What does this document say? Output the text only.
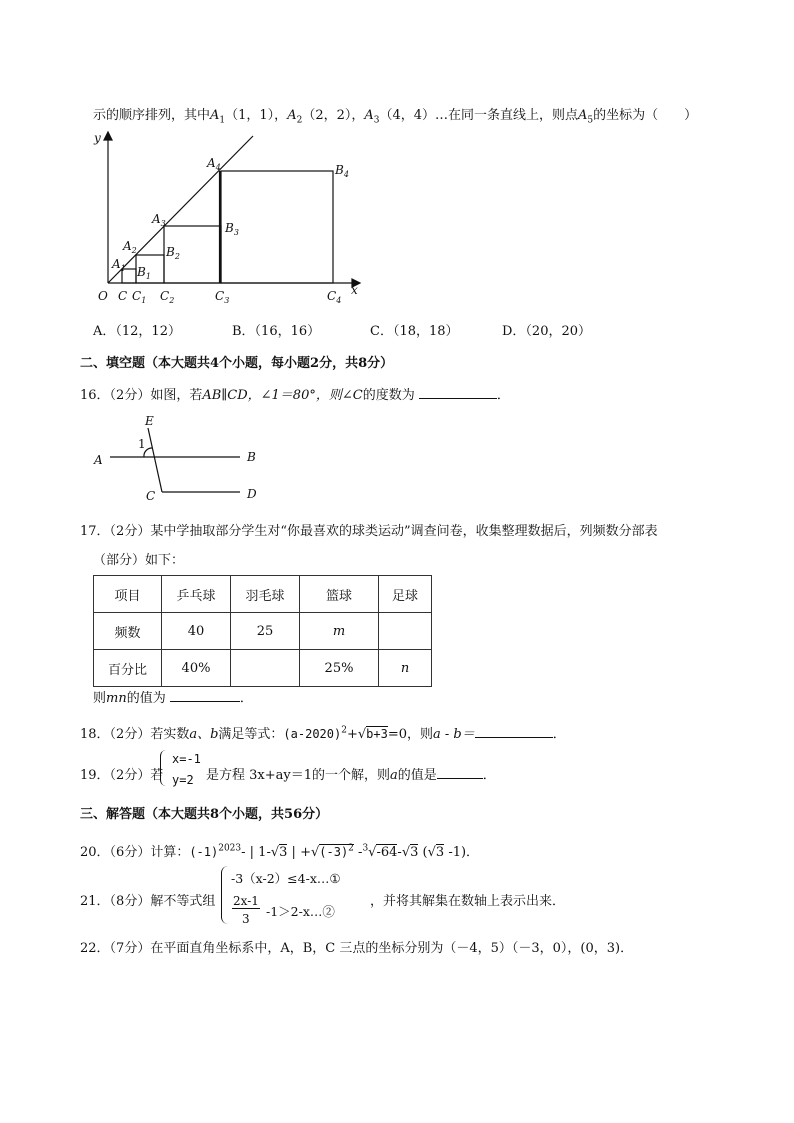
示的顺序排列，其中$A_1(1$，1），$A_2(2$，2），$A_3(4$，4）…在同一条直线上，则点$A_5$的坐标为（　　）
y
x
O C $C_1$ $C_2$	$C_3$	$C_4$
$A_1$
$A_2$
$A_3$
$A_4$
$B_1$
$B_2$
$B_3$
$B_4$
A．（12，12）	B．（16，16）	C．（18，18）	D．（20，20）
二、填空题（本大题共4个小题，每小题2分，共8分）
16．（2分）如图，若AB∥CD，∠1＝80°，则∠C的度数为	．
E
1
A	B
C	D
17．（2分）某中学抽取部分学生对“你最喜欢的球类运动”调查问卷，收集整理数据后，列频数分部表
（部分）如下：
项目	乒乓球	羽毛球	篮球	足球
频数	40	25	m	
百分比	40%		25%	n
则mn的值为	．
18．（2分）若实数a、b满足等式：$(a-2020)^2+√b+3=0$，则a - b＝	．
19．（2分）若
x=-1
y=2 是方程 3x+ay＝1的一个解，则a的值是	．
三、解答题（本大题共8个小题，共56分）
20．（6分）计算：$(-1)^{2023}-$ | 1-√3 | $+√(-3)^2$ -$^3$√-64-√3 (√3 -1)．
21．（8分）解不等式组
-3（x-2）≤4-x…①
2x-1
3 -1＞2-x…②
，并将其解集在数轴上表示出来．
22．（7分）在平面直角坐标系中，A，B，C 三点的坐标分别为（－4，5）（－3，0），(0，3)．
